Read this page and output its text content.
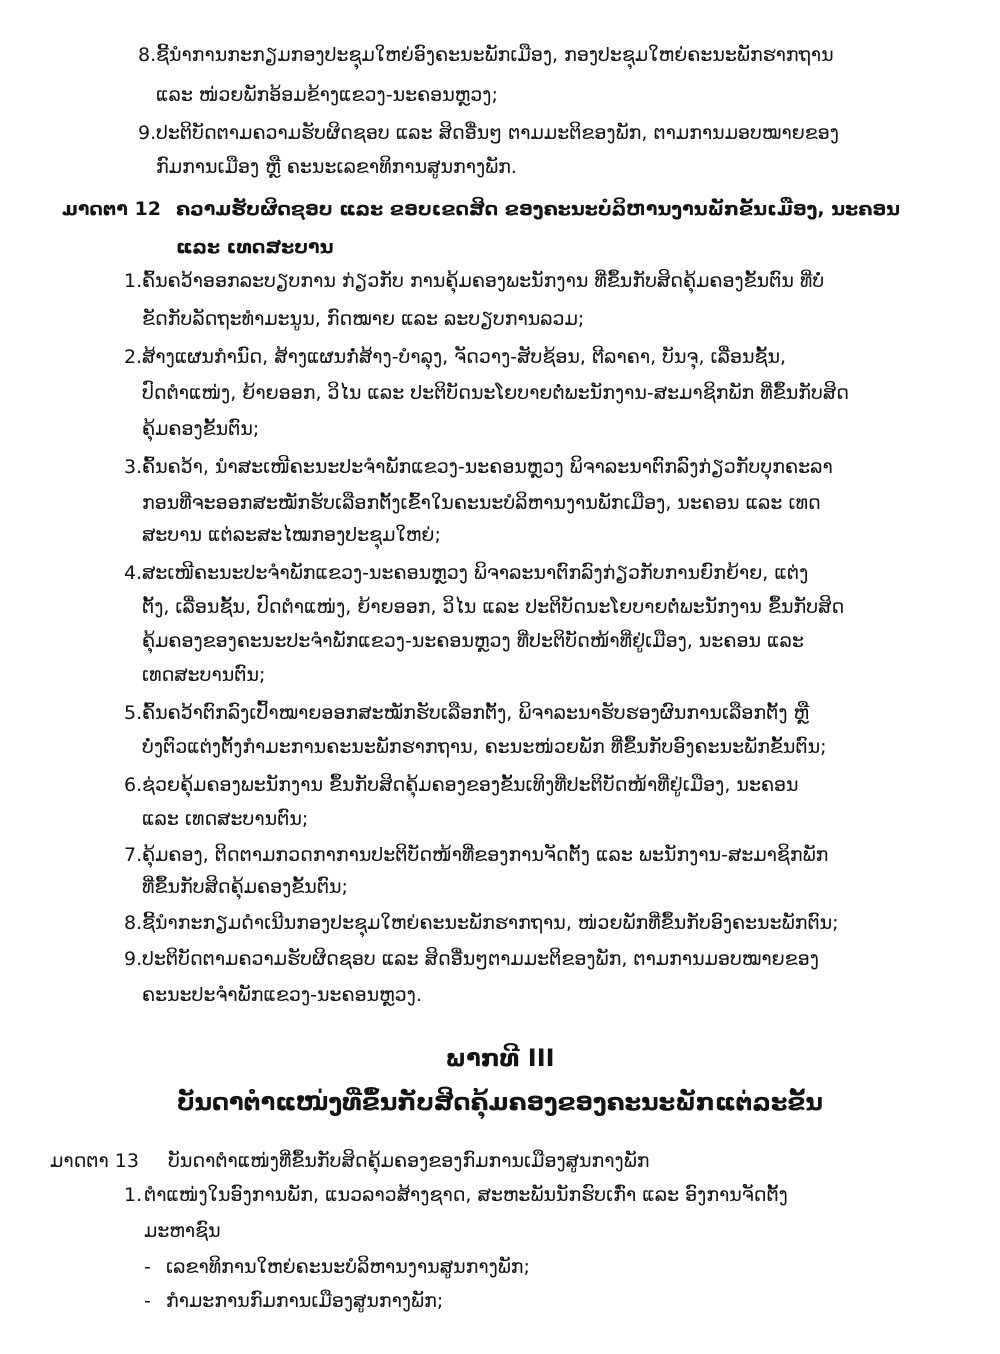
8. ຊີ້ນໍາການກະກຽມກອງປະຊຸມໃຫຍ່ອົງຄະນະພັກເມືອງ, ກອງປະຊຸມໃຫຍ່ຄະນະພັກຮາກຖານ
ແລະ ໜ່ວຍພັກອ້ອມຂ້າງແຂວງ-ນະຄອນຫຼວງ;
9. ປະຕິບັດຕາມຄວາມຮັບຜິດຊອບ ແລະ ສິດອື່ນໆ ຕາມມະຕິຂອງພັກ, ຕາມການມອບໝາຍຂອງ
ກົມການເມືອງ ຫຼື ຄະນະເລຂາທິການສູນກາງພັກ.
ມາດຕາ 12 ຄວາມຮັບຜິດຊອບ ແລະ ຂອບເຂດສິດ ຂອງຄະນະບໍລິຫານງານພັກຂັ້ນເມືອງ, ນະຄອນ
ແລະ ເທດສະບານ
1. ຄົ້ນຄວ້າອອກລະບຽບການ ກ່ຽວກັບ ການຄຸ້ມຄອງພະນັກງານ ທີ່ຂຶ້ນກັບສິດຄຸ້ມຄອງຂັ້ນຕົນ ທີ່ບໍ່
ຂັດກັບລັດຖະທໍາມະນູນ, ກົດໝາຍ ແລະ ລະບຽບການລວມ;
2. ສ້າງແຜນກໍານົດ, ສ້າງແຜນກໍ່ສ້າງ-ບໍາລຸງ, ຈັດວາງ-ສັບຊ້ອນ, ຕີລາຄາ, ບັນຈຸ, ເລື່ອນຊັ້ນ,
ປົດຕໍາແໜ່ງ, ຍ້າຍອອກ, ວິໄນ ແລະ ປະຕິບັດນະໂຍບາຍຕໍ່ພະນັກງານ-ສະມາຊິກພັກ ທີ່ຂຶ້ນກັບສິດ
ຄຸ້ມຄອງຂັ້ນຕົນ;
3. ຄົ້ນຄວ້າ, ນໍາສະເໜີຄະນະປະຈໍາພັກແຂວງ-ນະຄອນຫຼວງ ພິຈາລະນາຕົກລົງກ່ຽວກັບບຸກຄະລາ
ກອນທີ່ຈະອອກສະໝັກຮັບເລືອກຕັ້ງເຂົ້າໃນຄະນະບໍລິຫານງານພັກເມືອງ, ນະຄອນ ແລະ ເທດ
ສະບານ ແຕ່ລະສະໄໝກອງປະຊຸມໃຫຍ່;
4. ສະເໜີຄະນະປະຈໍາພັກແຂວງ-ນະຄອນຫຼວງ ພິຈາລະນາຕົກລົງກ່ຽວກັບການຍົກຍ້າຍ, ແຕ່ງ
ຕັ້ງ, ເລື່ອນຊັ້ນ, ປົດຕໍາແໜ່ງ, ຍ້າຍອອກ, ວິໄນ ແລະ ປະຕິບັດນະໂຍບາຍຕໍ່ພະນັກງານ ຂຶ້ນກັບສິດ
ຄຸ້ມຄອງຂອງຄະນະປະຈໍາພັກແຂວງ-ນະຄອນຫຼວງ ທີ່ປະຕິບັດໜ້າທີ່ຢູ່ເມືອງ, ນະຄອນ ແລະ
ເທດສະບານຕົນ;
5. ຄົ້ນຄວ້າຕົກລົງເປົ້າໝາຍອອກສະໝັກຮັບເລືອກຕັ້ງ, ພິຈາລະນາຮັບຮອງຜົນການເລືອກຕັ້ງ ຫຼື
ບໍ່ງຕົວແຕ່ງຕັ້ງກໍາມະການຄະນະພັກຮາກຖານ, ຄະນະໜ່ວຍພັກ ທີ່ຂຶ້ນກັບອົງຄະນະພັກຂັ້ນຕົນ;
6. ຊ່ວຍຄຸ້ມຄອງພະນັກງານ ຂຶ້ນກັບສິດຄຸ້ມຄອງຂອງຂັ້ນເທິງທີ່ປະຕິບັດໜ້າທີ່ຢູ່ເມືອງ, ນະຄອນ
ແລະ ເທດສະບານຕົນ;
7. ຄຸ້ມຄອງ, ຕິດຕາມກວດກາການປະຕິບັດໜ້າທີ່ຂອງການຈັດຕັ້ງ ແລະ ພະນັກງານ-ສະມາຊິກພັກ
ທີ່ຂຶ້ນກັບສິດຄຸ້ມຄອງຂັ້ນຕົນ;
8. ຊີ້ນໍາກະກຽມດໍາເນີນກອງປະຊຸມໃຫຍ່ຄະນະພັກຮາກຖານ, ໜ່ວຍພັກທີ່ຂຶ້ນກັບອົງຄະນະພັກຕົນ;
9. ປະຕິບັດຕາມຄວາມຮັບຜິດຊອບ ແລະ ສິດອື່ນໆຕາມມະຕິຂອງພັກ, ຕາມການມອບໝາຍຂອງ
ຄະນະປະຈໍາພັກແຂວງ-ນະຄອນຫຼວງ.
ພາກທີ III
ບັນດາຕໍາແໜ່ງທີ່ຂຶ້ນກັບສິດຄຸ້ມຄອງຂອງຄະນະພັກແຕ່ລະຂັ້ນ
ມາດຕາ 13 ບັນດາຕໍາແໜ່ງທີ່ຂຶ້ນກັບສິດຄຸ້ມຄອງຂອງກົມການເມືອງສູນກາງພັກ
1. ຕໍາແໜ່ງໃນອົງການພັກ, ແນວລາວສ້າງຊາດ, ສະຫະພັນນັກຮົບເກົ່າ ແລະ ອົງການຈັດຕັ້ງ
ມະຫາຊົນ
- ເລຂາທິການໃຫຍ່ຄະນະບໍລິຫານງານສູນກາງພັກ;
- ກໍາມະການກົມການເມືອງສູນກາງພັກ;
